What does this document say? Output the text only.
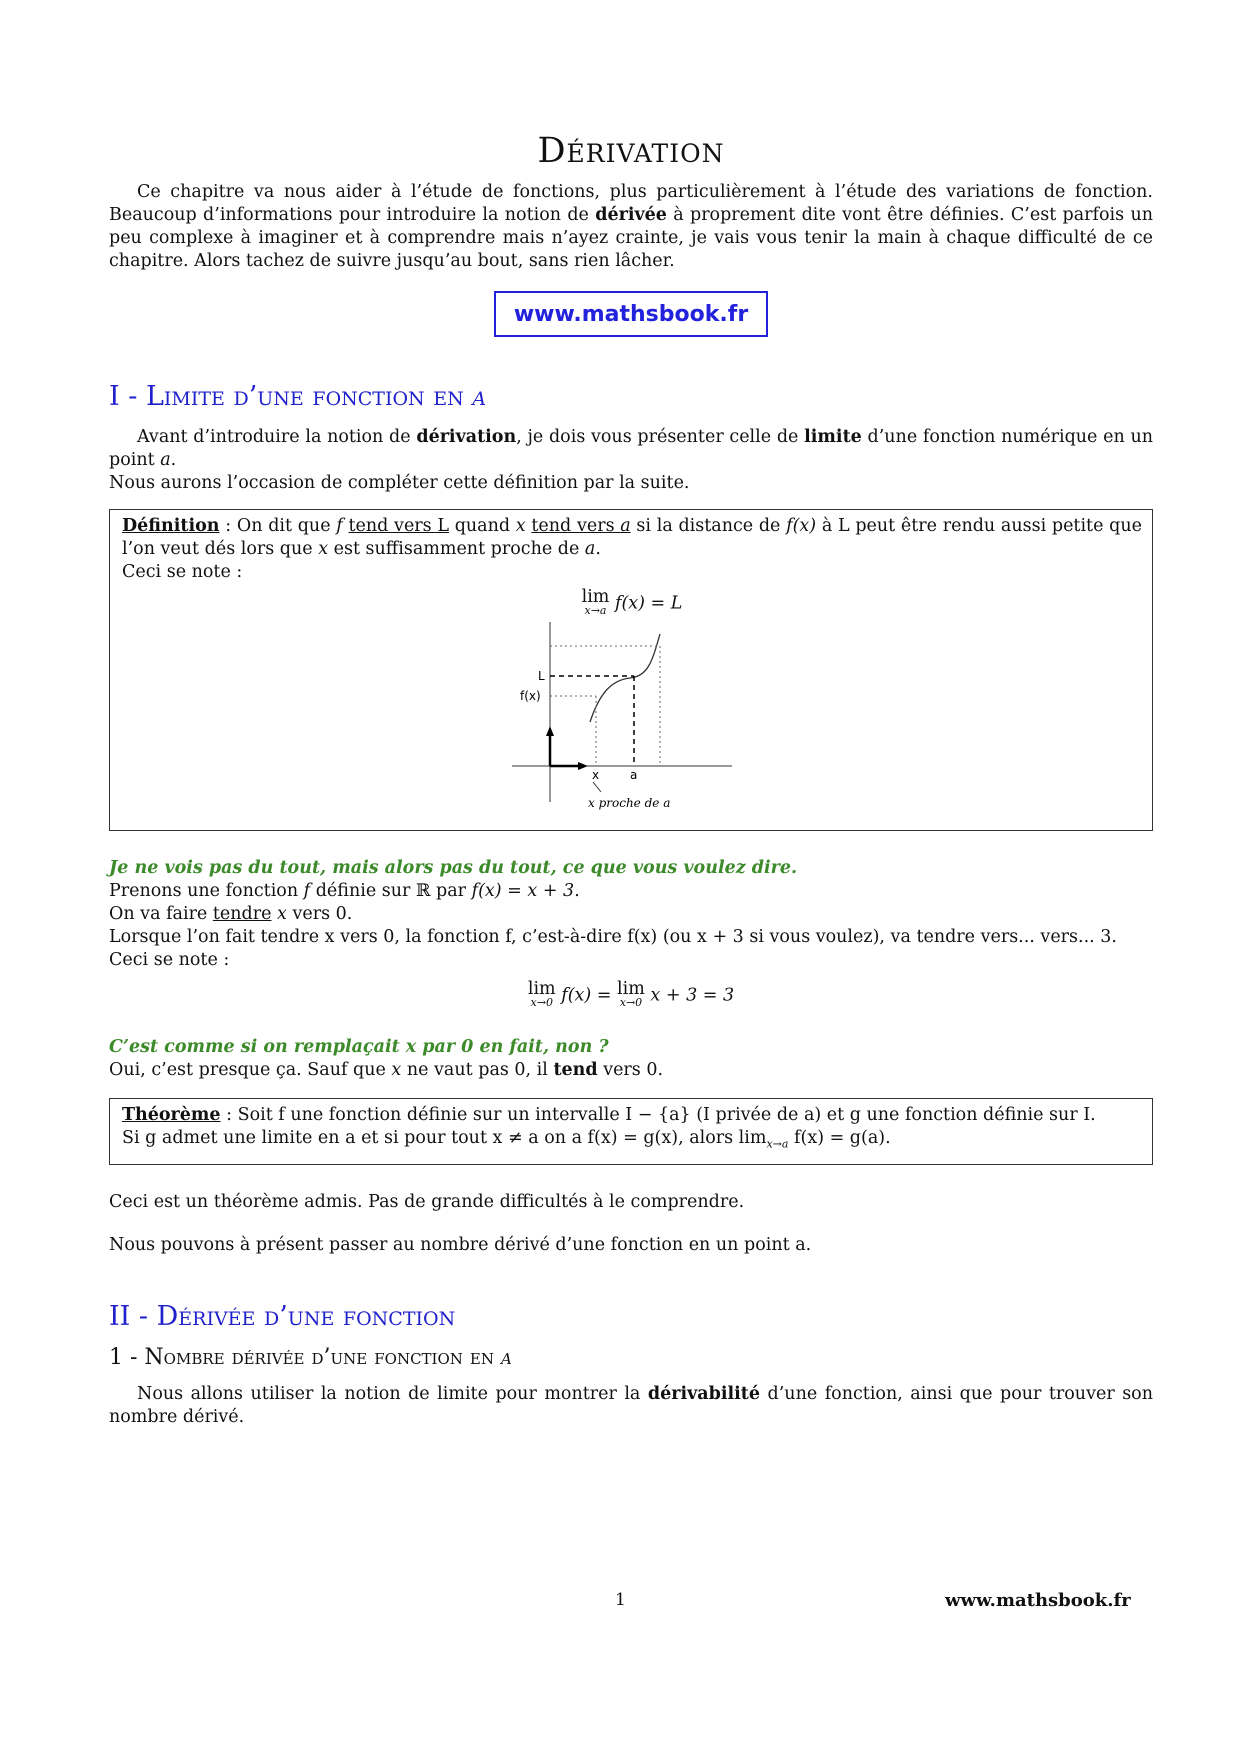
Dérivation

Ce chapitre va nous aider à l’étude de fonctions, plus particulièrement à l’étude des variations de fonction. Beaucoup d’informations pour introduire la notion de dérivée à proprement dite vont être définies. C’est parfois un peu complexe à imaginer et à comprendre mais n’ayez crainte, je vais vous tenir la main à chaque difficulté de ce chapitre. Alors tachez de suivre jusqu’au bout, sans rien lâcher.

www.mathsbook.fr
I - Limite d’une fonction en a

Avant d’introduire la notion de dérivation, je dois vous présenter celle de limite d’une fonction numérique en un point a.

Nous aurons l’occasion de compléter cette définition par la suite.

Définition : On dit que f tend vers L quand x tend vers a si la distance de f(x) à L peut être rendu aussi petite que l’on veut dés lors que x est suffisamment proche de a.

Ceci se note :

lim
x→a f(x) = L
L
f(x)
x	a
x proche de a

Je ne vois pas du tout, mais alors pas du tout, ce que vous voulez dire.

Prenons une fonction f définie sur ℝ par f(x) = x + 3.

On va faire tendre x vers 0.

Lorsque l’on fait tendre x vers 0, la fonction f, c’est-à-dire f(x) (ou x + 3 si vous voulez), va tendre vers... vers... 3.

Ceci se note :

lim
x→0 f(x) = lim
x→0 x + 3 = 3

C’est comme si on remplaçait x par 0 en fait, non ?

Oui, c’est presque ça. Sauf que x ne vaut pas 0, il tend vers 0.

Théorème : Soit f une fonction définie sur un intervalle I − {a} (I privée de a) et g une fonction définie sur I.

Si g admet une limite en a et si pour tout x ≠ a on a f(x) = g(x), alors $\lim_{x\to a} f(x) = g(a)$.

Ceci est un théorème admis. Pas de grande difficultés à le comprendre.

Nous pouvons à présent passer au nombre dérivé d’une fonction en un point a.

II - Dérivée d’une fonction
1 - Nombre dérivée d’une fonction en a

Nous allons utiliser la notion de limite pour montrer la dérivabilité d’une fonction, ainsi que pour trouver son nombre dérivé.

1	www.mathsbook.fr
